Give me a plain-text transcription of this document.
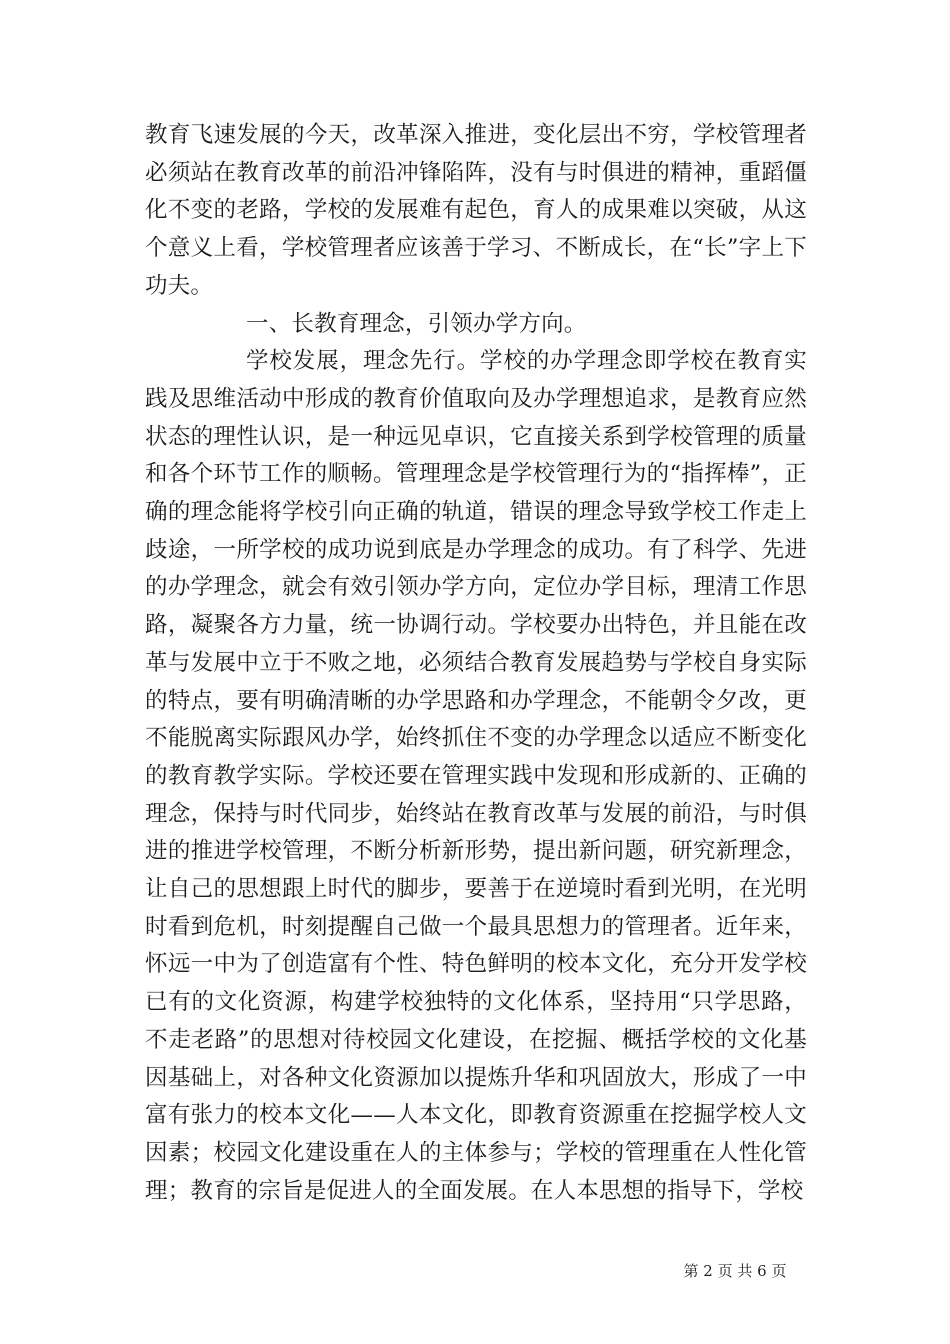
教育飞速发展的今天，改革深入推进，变化层出不穷，学校管理者必须站在教育改革的前沿冲锋陷阵，没有与时俱进的精神，重蹈僵化不变的老路，学校的发展难有起色，育人的成果难以突破，从这个意义上看，学校管理者应该善于学习、不断成长，在“长”字上下功夫。

一、长教育理念，引领办学方向。

学校发展，理念先行。学校的办学理念即学校在教育实践及思维活动中形成的教育价值取向及办学理想追求，是教育应然状态的理性认识，是一种远见卓识，它直接关系到学校管理的质量和各个环节工作的顺畅。管理理念是学校管理行为的“指挥棒”，正确的理念能将学校引向正确的轨道，错误的理念导致学校工作走上歧途，一所学校的成功说到底是办学理念的成功。有了科学、先进的办学理念，就会有效引领办学方向，定位办学目标，理清工作思路，凝聚各方力量，统一协调行动。学校要办出特色，并且能在改革与发展中立于不败之地，必须结合教育发展趋势与学校自身实际的特点，要有明确清晰的办学思路和办学理念，不能朝令夕改，更不能脱离实际跟风办学，始终抓住不变的办学理念以适应不断变化的教育教学实际。学校还要在管理实践中发现和形成新的、正确的理念，保持与时代同步，始终站在教育改革与发展的前沿，与时俱进的推进学校管理，不断分析新形势，提出新问题，研究新理念，让自己的思想跟上时代的脚步，要善于在逆境时看到光明，在光明时看到危机，时刻提醒自己做一个最具思想力的管理者。近年来，怀远一中为了创造富有个性、特色鲜明的校本文化，充分开发学校已有的文化资源，构建学校独特的文化体系，坚持用“只学思路，不走老路”的思想对待校园文化建设，在挖掘、概括学校的文化基因基础上，对各种文化资源加以提炼升华和巩固放大，形成了一中富有张力的校本文化——人本文化，即教育资源重在挖掘学校人文因素；校园文化建设重在人的主体参与；学校的管理重在人性化管理；教育的宗旨是促进人的全面发展。在人本思想的指导下，学校

第 2 页 共 6 页
